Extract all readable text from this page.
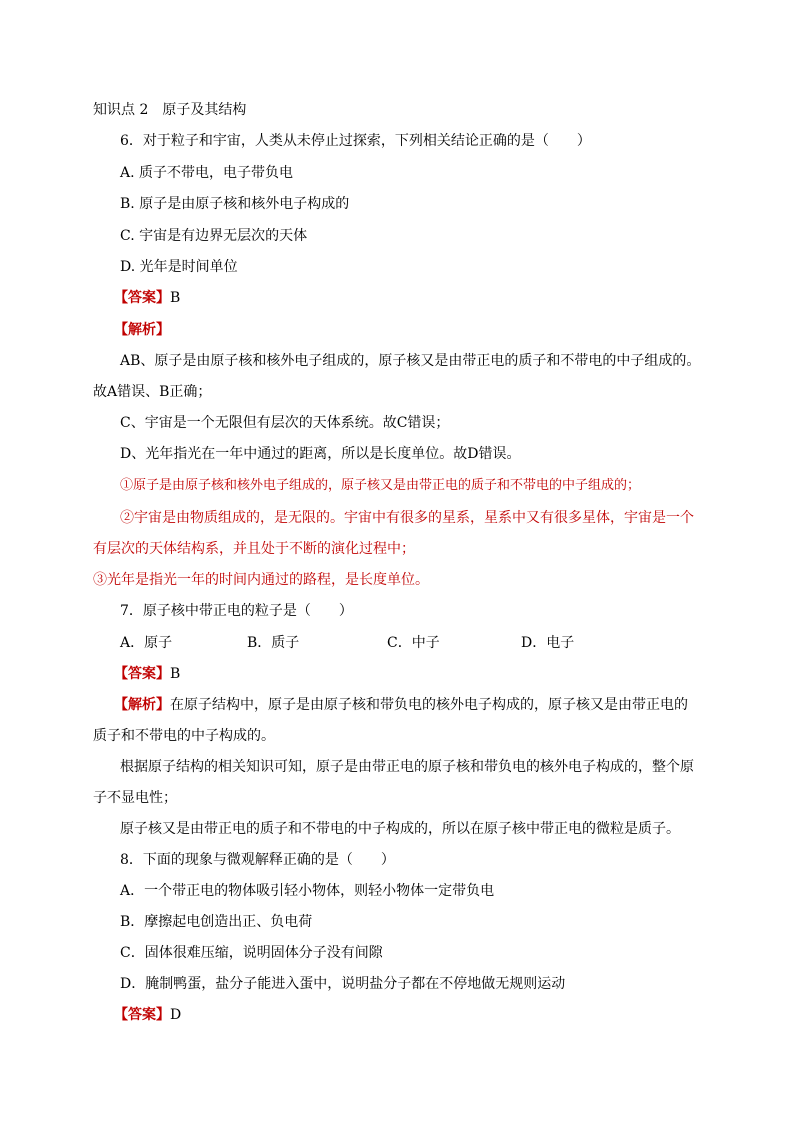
知识点 2　原子及其结构
6．对于粒子和宇宙，人类从未停止过探索，下列相关结论正确的是（　　）
A. 质子不带电，电子带负电
B. 原子是由原子核和核外电子构成的
C. 宇宙是有边界无层次的天体
D. 光年是时间单位
【答案】B
【解析】
AB、原子是由原子核和核外电子组成的，原子核又是由带正电的质子和不带电的中子组成的。
故A错误、B正确；
C、宇宙是一个无限但有层次的天体系统。故C错误；
D、光年指光在一年中通过的距离，所以是长度单位。故D错误。
①原子是由原子核和核外电子组成的，原子核又是由带正电的质子和不带电的中子组成的；
②宇宙是由物质组成的，是无限的。宇宙中有很多的星系，星系中又有很多星体，宇宙是一个
有层次的天体结构系，并且处于不断的演化过程中；
③光年是指光一年的时间内通过的路程，是长度单位。
7．原子核中带正电的粒子是（　　）
A．原子	B．质子	C．中子	D．电子
【答案】B
【解析】在原子结构中，原子是由原子核和带负电的核外电子构成的，原子核又是由带正电的
质子和不带电的中子构成的。
根据原子结构的相关知识可知，原子是由带正电的原子核和带负电的核外电子构成的，整个原
子不显电性；
原子核又是由带正电的质子和不带电的中子构成的，所以在原子核中带正电的微粒是质子。
8．下面的现象与微观解释正确的是（　　）
A．一个带正电的物体吸引轻小物体，则轻小物体一定带负电
B．摩擦起电创造出正、负电荷
C．固体很难压缩，说明固体分子没有间隙
D．腌制鸭蛋，盐分子能进入蛋中，说明盐分子都在不停地做无规则运动
【答案】D
